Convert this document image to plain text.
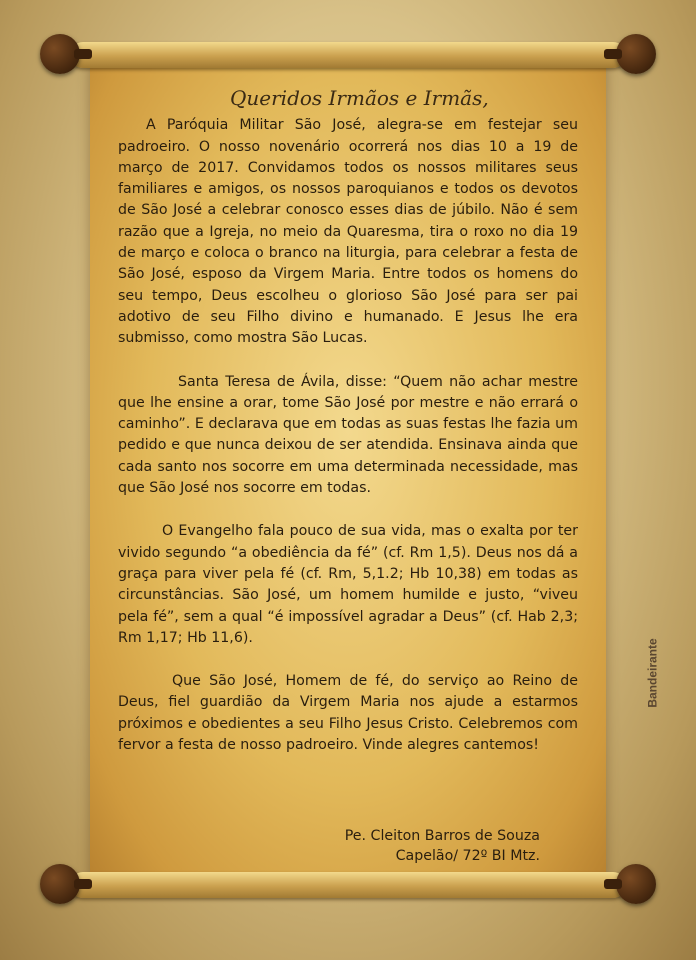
Queridos Irmãos e Irmãs,

A Paróquia Militar São José, alegra-se em festejar seu padroeiro. O nosso novenário ocorrerá nos dias 10 a 19 de março de 2017. Convidamos todos os nossos militares seus familiares e amigos, os nossos paroquianos e todos os devotos de São José a celebrar conosco esses dias de júbilo. Não é sem razão que a Igreja, no meio da Quaresma, tira o roxo no dia 19 de março e coloca o branco na liturgia, para celebrar a festa de São José, esposo da Virgem Maria. Entre todos os homens do seu tempo, Deus escolheu o glorioso São José para ser pai adotivo de seu Filho divino e humanado. E Jesus lhe era submisso, como mostra São Lucas.

Santa Teresa de Ávila, disse: “Quem não achar mestre que lhe ensine a orar, tome São José por mestre e não errará o caminho”. E declarava que em todas as suas festas lhe fazia um pedido e que nunca deixou de ser atendida. Ensinava ainda que cada santo nos socorre em uma determinada necessidade, mas que São José nos socorre em todas.

O Evangelho fala pouco de sua vida, mas o exalta por ter vivido segundo “a obediência da fé” (cf. Rm 1,5). Deus nos dá a graça para viver pela fé (cf. Rm, 5,1.2; Hb 10,38) em todas as circunstâncias. São José, um homem humilde e justo, “viveu pela fé”, sem a qual “é impossível agradar a Deus” (cf. Hab 2,3; Rm 1,17; Hb 11,6).

Que São José, Homem de fé, do serviço ao Reino de Deus, fiel guardião da Virgem Maria nos ajude a estarmos próximos e obedientes a seu Filho Jesus Cristo. Celebremos com fervor a festa de nosso padroeiro. Vinde alegres cantemos!

Pe. Cleiton Barros de Souza
Capelão/ 72º BI Mtz.
Bandeirante
